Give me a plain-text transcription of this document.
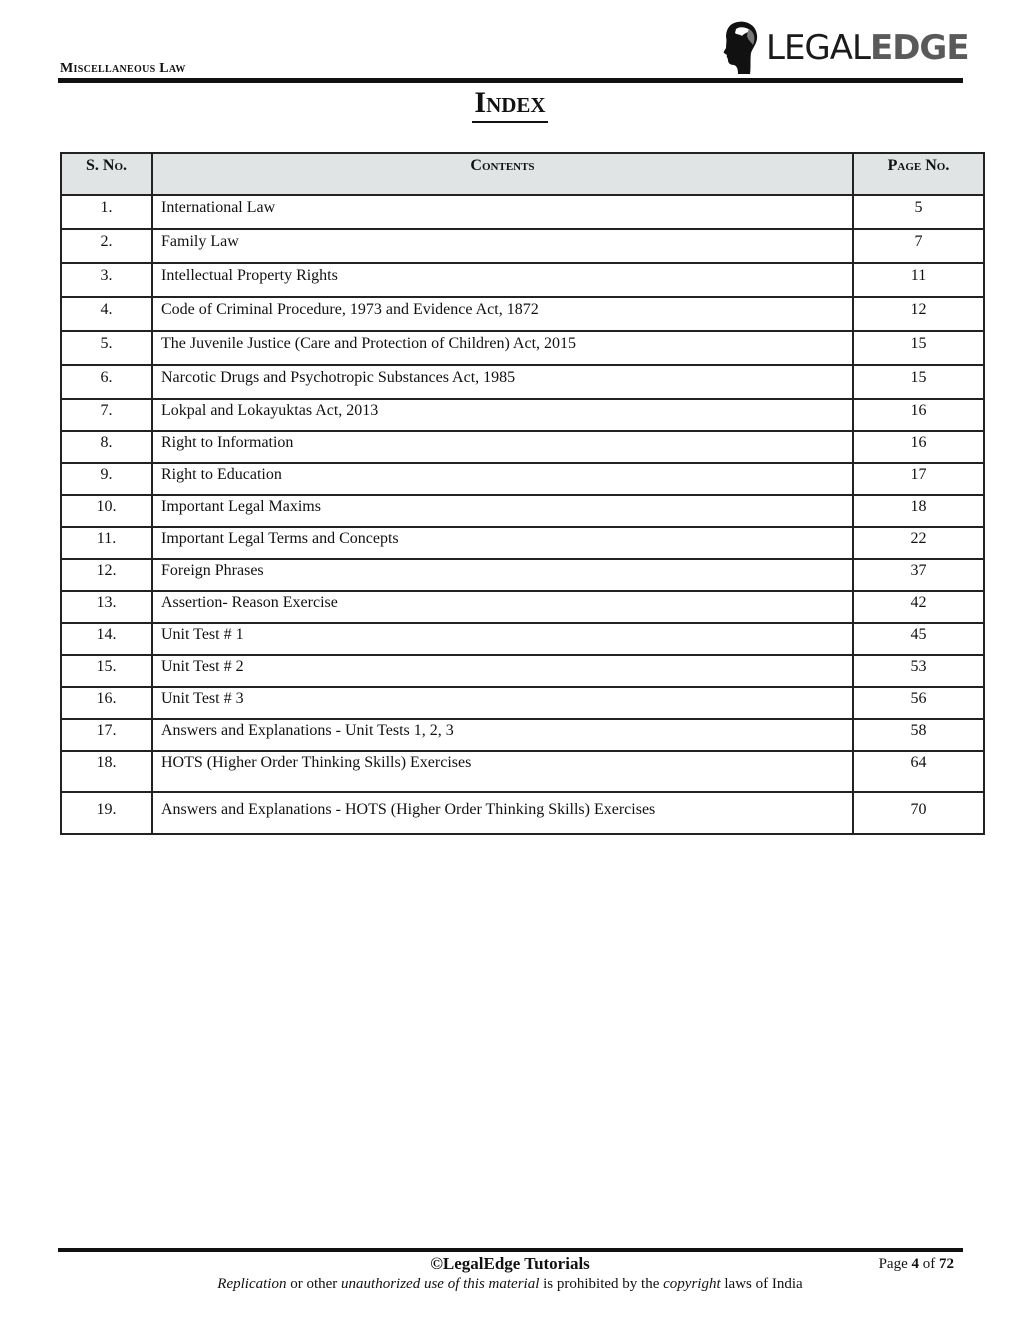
Miscellaneous Law
LEGALEDGE
Index
S. No.	Contents	Page No.
1.	International Law	5
2.	Family Law	7
3.	Intellectual Property Rights	11
4.	Code of Criminal Procedure, 1973 and Evidence Act, 1872	12
5.	The Juvenile Justice (Care and Protection of Children) Act, 2015	15
6.	Narcotic Drugs and Psychotropic Substances Act, 1985	15
7.	Lokpal and Lokayuktas Act, 2013	16
8.	Right to Information	16
9.	Right to Education	17
10.	Important Legal Maxims	18
11.	Important Legal Terms and Concepts	22
12.	Foreign Phrases	37
13.	Assertion- Reason Exercise	42
14.	Unit Test # 1	45
15.	Unit Test # 2	53
16.	Unit Test # 3	56
17.	Answers and Explanations - Unit Tests 1, 2, 3	58
18.	HOTS (Higher Order Thinking Skills) Exercises	64
19.	Answers and Explanations - HOTS (Higher Order Thinking Skills) Exercises	70
©LegalEdge Tutorials	Page 4 of 72
Replication or other unauthorized use of this material is prohibited by the copyright laws of India
